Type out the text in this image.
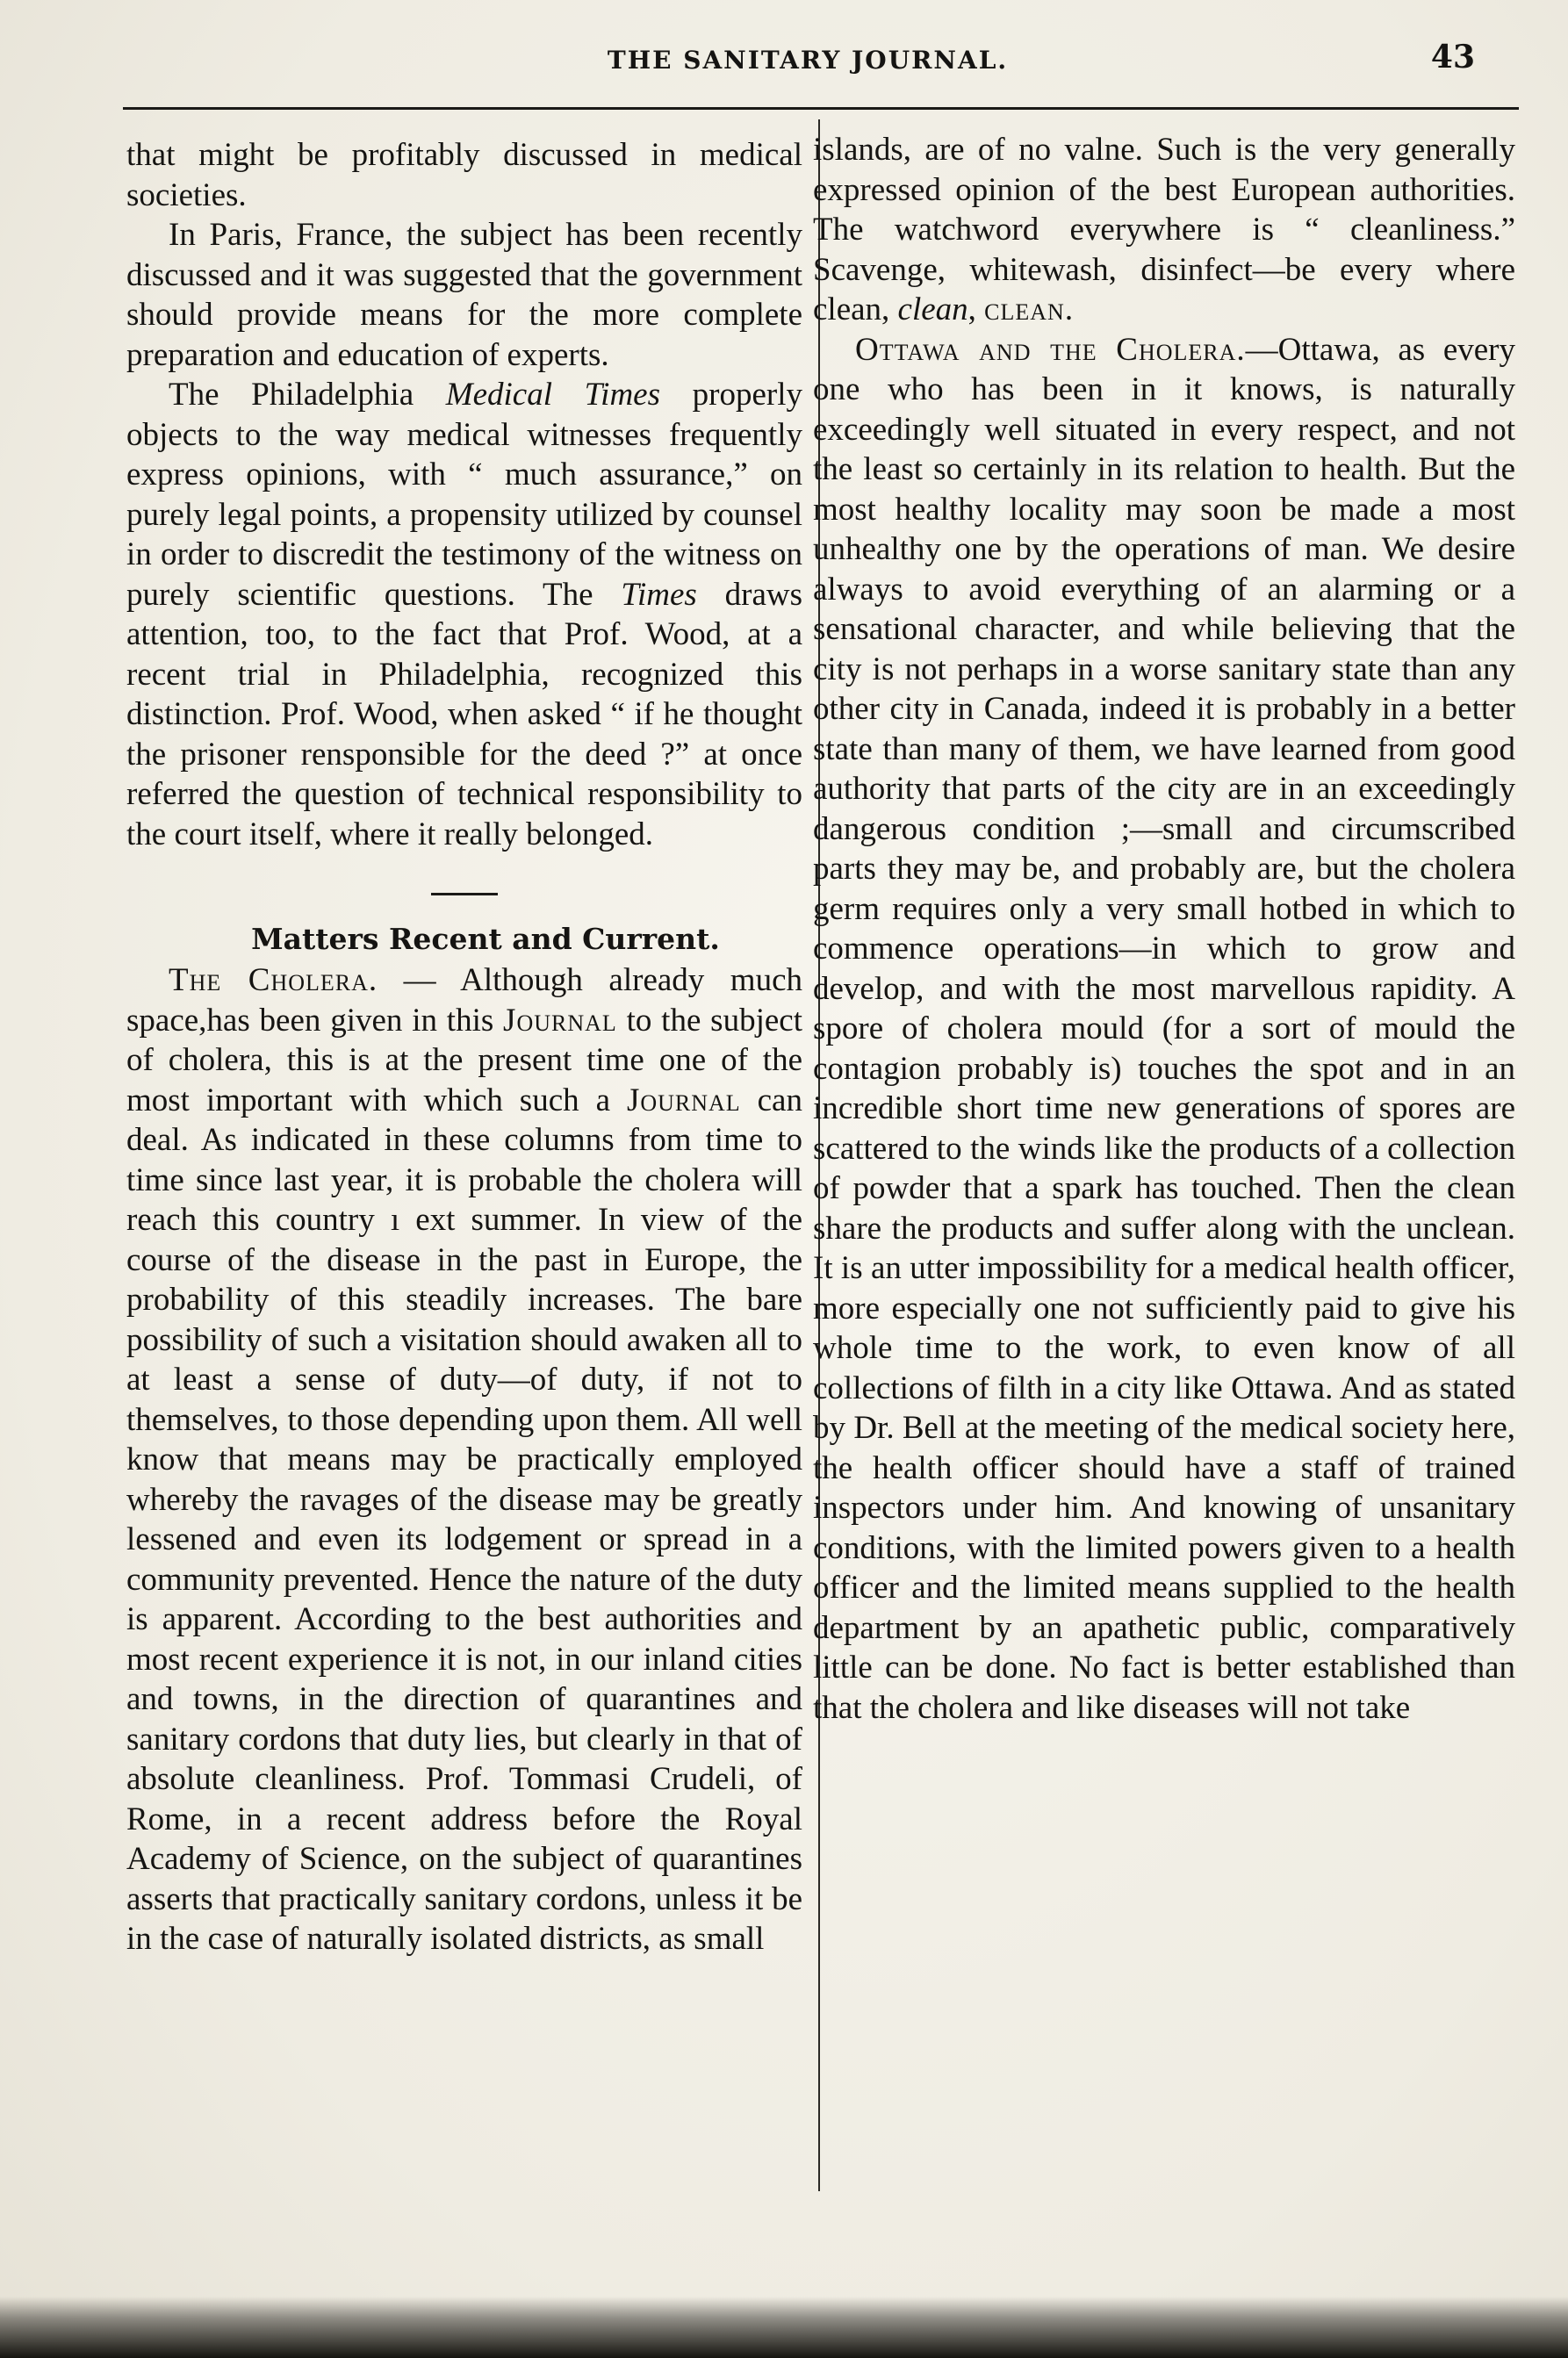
THE SANITARY JOURNAL.	43

that might be profitably discussed in medical societies.

In Paris, France, the subject has been recently discussed and it was suggested that the government should provide means for the more complete preparation and education of experts.

The Philadelphia Medical Times properly objects to the way medical witnesses frequently express opinions, with “ much assurance,” on purely legal points, a propensity utilized by counsel in order to discredit the testimony of the witness on purely scientific questions. The Times draws attention, too, to the fact that Prof. Wood, at a recent trial in Philadelphia, recognized this distinction. Prof. Wood, when asked “ if he thought the prisoner rensponsible for the deed ?” at once referred the question of technical responsibility to the court itself, where it really belonged.

Matters Recent and Current.

The Cholera. — Although already much space,has been given in this Journal to the subject of cholera, this is at the present time one of the most important with which such a Journal can deal. As indicated in these columns from time to time since last year, it is probable the cholera will reach this country ı ext summer. In view of the course of the disease in the past in Europe, the probability of this steadily increases. The bare possibility of such a visitation should awaken all to at least a sense of duty—of duty, if not to themselves, to those depending upon them. All well know that means may be practically employed whereby the ravages of the disease may be greatly lessened and even its lodgement or spread in a community prevented. Hence the nature of the duty is apparent. According to the best authorities and most recent experience it is not, in our inland cities and towns, in the direction of quarantines and sanitary cordons that duty lies, but clearly in that of absolute cleanliness. Prof. Tommasi Crudeli, of Rome, in a recent address before the Royal Academy of Science, on the subject of quarantines asserts that practically sanitary cordons, unless it be in the case of naturally isolated districts, as small

islands, are of no valne. Such is the very generally expressed opinion of the best European authorities. The watchword everywhere is “ cleanliness.” Scavenge, whitewash, disinfect—be every where clean, clean, clean.

Ottawa and the Cholera.—Ottawa, as every one who has been in it knows, is naturally exceedingly well situated in every respect, and not the least so certainly in its relation to health. But the most healthy locality may soon be made a most unhealthy one by the operations of man. We desire always to avoid everything of an alarming or a sensational character, and while believing that the city is not perhaps in a worse sanitary state than any other city in Canada, indeed it is probably in a better state than many of them, we have learned from good authority that parts of the city are in an exceedingly dangerous condition ;—small and circumscribed parts they may be, and probably are, but the cholera germ requires only a very small hotbed in which to commence operations—in which to grow and develop, and with the most marvellous rapidity. A spore of cholera mould (for a sort of mould the contagion probably is) touches the spot and in an incredible short time new generations of spores are scattered to the winds like the products of a collection of powder that a spark has touched. Then the clean share the products and suffer along with the unclean. It is an utter impossibility for a medical health officer, more especially one not sufficiently paid to give his whole time to the work, to even know of all collections of filth in a city like Ottawa. And as stated by Dr. Bell at the meeting of the medical society here, the health officer should have a staff of trained inspectors under him. And knowing of unsanitary conditions, with the limited powers given to a health officer and the limited means supplied to the health department by an apathetic public, comparatively little can be done. No fact is better established than that the cholera and like diseases will not take
